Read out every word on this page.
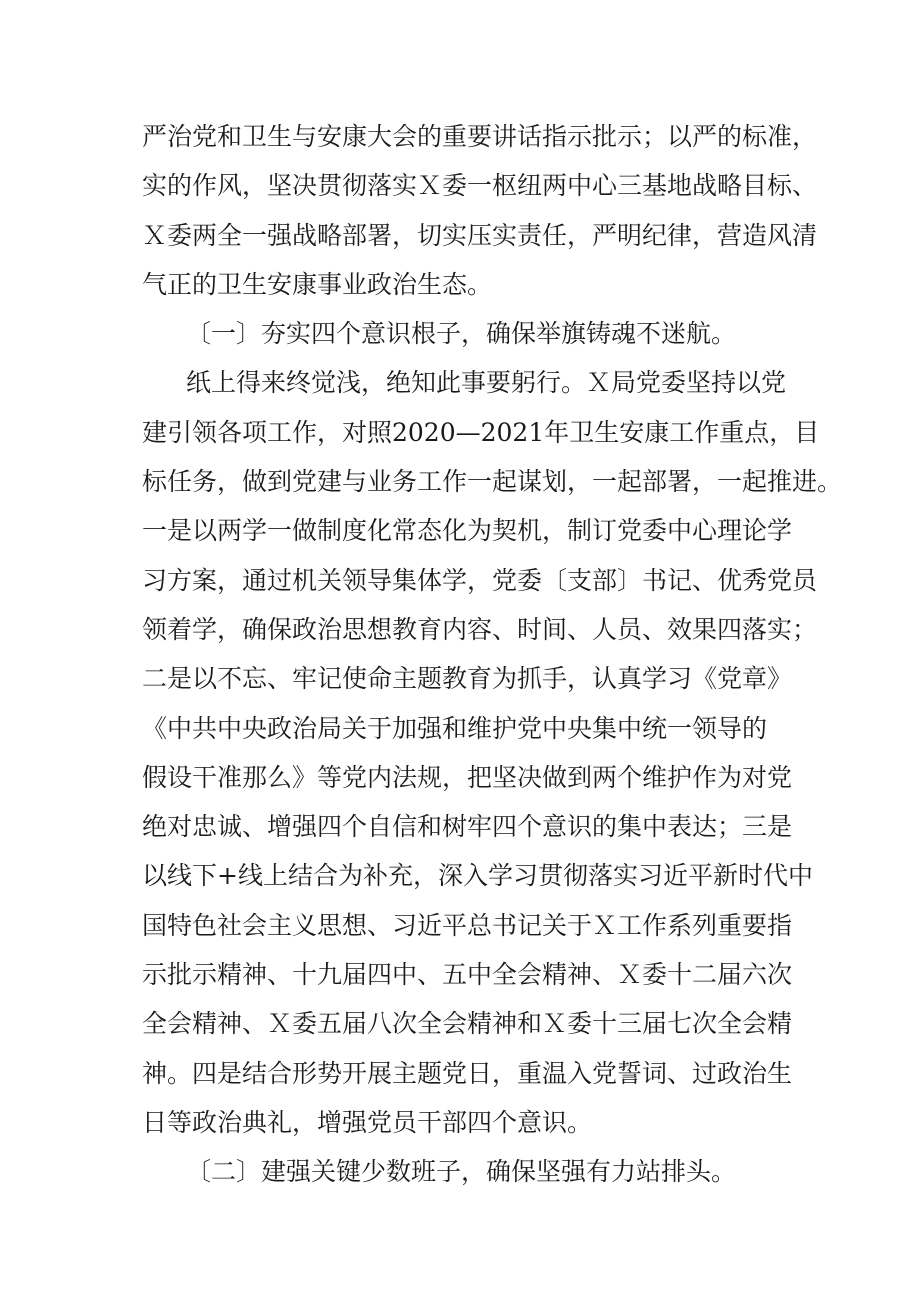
严治党和卫生与安康大会的重要讲话指示批示；以严的标准，
实的作风，坚决贯彻落实Ｘ委一枢纽两中心三基地战略目标、
Ｘ委两全一强战略部署，切实压实责任，严明纪律，营造风清
气正的卫生安康事业政治生态。
〔一〕夯实四个意识根子，确保举旗铸魂不迷航。
纸上得来终觉浅，绝知此事要躬行。Ｘ局党委坚持以党
建引领各项工作，对照2020—2021年卫生安康工作重点，目
标任务，做到党建与业务工作一起谋划，一起部署，一起推进。
一是以两学一做制度化常态化为契机，制订党委中心理论学
习方案，通过机关领导集体学，党委〔支部〕书记、优秀党员
领着学，确保政治思想教育内容、时间、人员、效果四落实；
二是以不忘、牢记使命主题教育为抓手，认真学习《党章》
《中共中央政治局关于加强和维护党中央集中统一领导的
假设干准那么》等党内法规，把坚决做到两个维护作为对党
绝对忠诚、增强四个自信和树牢四个意识的集中表达；三是
以线下+线上结合为补充，深入学习贯彻落实习近平新时代中
国特色社会主义思想、习近平总书记关于Ｘ工作系列重要指
示批示精神、十九届四中、五中全会精神、Ｘ委十二届六次
全会精神、Ｘ委五届八次全会精神和Ｘ委十三届七次全会精
神。四是结合形势开展主题党日，重温入党誓词、过政治生
日等政治典礼，增强党员干部四个意识。
〔二〕建强关键少数班子，确保坚强有力站排头。
